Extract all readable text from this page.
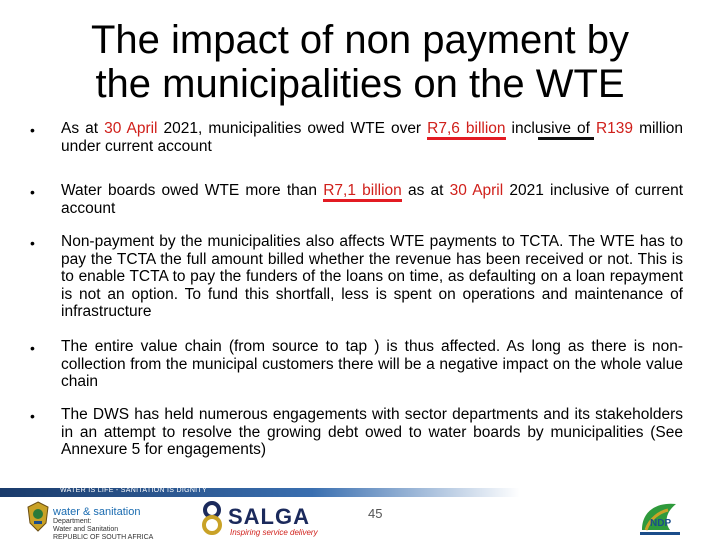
The impact of non payment by
the municipalities on the WTE
• As at 30 April 2021, municipalities owed WTE over R7,6 billion inclusive of R139 million under current account
• Water boards owed WTE more than R7,1 billion as at 30 April 2021 inclusive of current account
• Non-payment by the municipalities also affects WTE payments to TCTA. The WTE has to pay the TCTA the full amount billed whether the revenue has been received or not. This is to enable TCTA to pay the funders of the loans on time, as defaulting on a loan repayment is not an option. To fund this shortfall, less is spent on operations and maintenance of infrastructure
• The entire value chain (from source to tap ) is thus affected. As long as there is non-collection from the municipal customers there will be a negative impact on the whole value chain
• The DWS has held numerous engagements with sector departments and its stakeholders in an attempt to resolve the growing debt owed to water boards by municipalities (See Annexure 5 for engagements)
WATER IS LIFE - SANITATION IS DIGNITY
water & sanitation
Department:
Water and Sanitation
REPUBLIC OF SOUTH AFRICA
45
SALGA
Inspiring service delivery
NDP
